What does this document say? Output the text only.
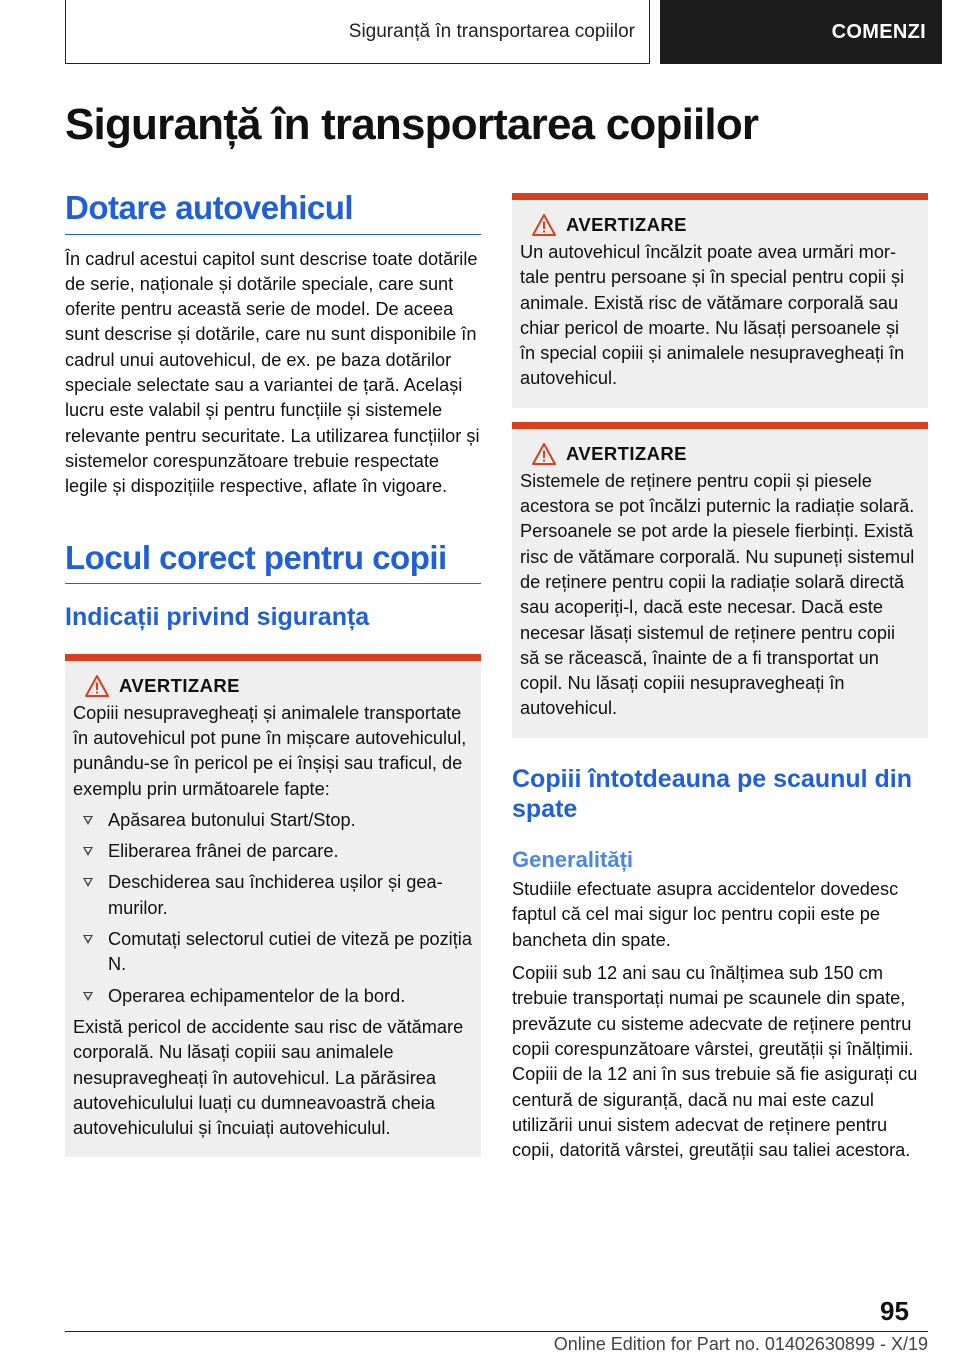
Siguranță în transportarea copiilor	COMENZI
Siguranță în transportarea copiilor
Dotare autovehicul

În cadrul acestui capitol sunt descrise toate dotările de serie, naționale și dotările speciale, care sunt oferite pentru această serie de model. De aceea sunt descrise și dotările, care nu sunt disponibile în cadrul unui autovehicul, de ex. pe baza dotărilor speciale selectate sau a variantei de țară. Același lucru este valabil și pentru funcțiile și sistemele relevante pentru securitate. La utilizarea funcțiilor și sistemelor corespunzătoare trebuie respectate legile și dispozițiile respective, aflate în vigoare.

Locul corect pentru copii
Indicații privind siguranța
AVERTIZARE

Copiii nesupravegheați și animalele transportate în autovehicul pot pune în mișcare autovehiculul, punându-se în pericol pe ei înșiși sau traficul, de exemplu prin următoarele fapte:

Apăsarea butonului Start/Stop.
Eliberarea frânei de parcare.
Deschiderea sau închiderea ușilor și geamurilor.
Comutați selectorul cutiei de viteză pe poziția N.
Operarea echipamentelor de la bord.

Există pericol de accidente sau risc de vătămare corporală. Nu lăsați copiii sau animalele nesupravegheați în autovehicul. La părăsirea autovehiculului luați cu dumneavoastră cheia autovehiculului și încuiați autovehiculul.

AVERTIZARE

Un autovehicul încălzit poate avea urmări mortale pentru persoane și în special pentru copii și animale. Există risc de vătămare corporală sau chiar pericol de moarte. Nu lăsați persoanele și în special copiii și animalele nesupravegheați în autovehicul.

AVERTIZARE

Sistemele de reținere pentru copii și piesele acestora se pot încălzi puternic la radiație solară. Persoanele se pot arde la piesele fierbinți. Există risc de vătămare corporală. Nu supuneți sistemul de reținere pentru copii la radiație solară directă sau acoperiți-l, dacă este necesar. Dacă este necesar lăsați sistemul de reținere pentru copii să se răcească, înainte de a fi transportat un copil. Nu lăsați copiii nesupravegheați în autovehicul.

Copiii întotdeauna pe scaunul din spate
Generalități

Studiile efectuate asupra accidentelor dovedesc faptul că cel mai sigur loc pentru copii este pe bancheta din spate.

Copiii sub 12 ani sau cu înălțimea sub 150 cm trebuie transportați numai pe scaunele din spate, prevăzute cu sisteme adecvate de reținere pentru copii corespunzătoare vârstei, greutății și înălțimii. Copiii de la 12 ani în sus trebuie să fie asigurați cu centură de siguranță, dacă nu mai este cazul utilizării unui sistem adecvat de reținere pentru copii, datorită vârstei, greutății sau taliei acestora.

95
Online Edition for Part no. 01402630899 - X/19
